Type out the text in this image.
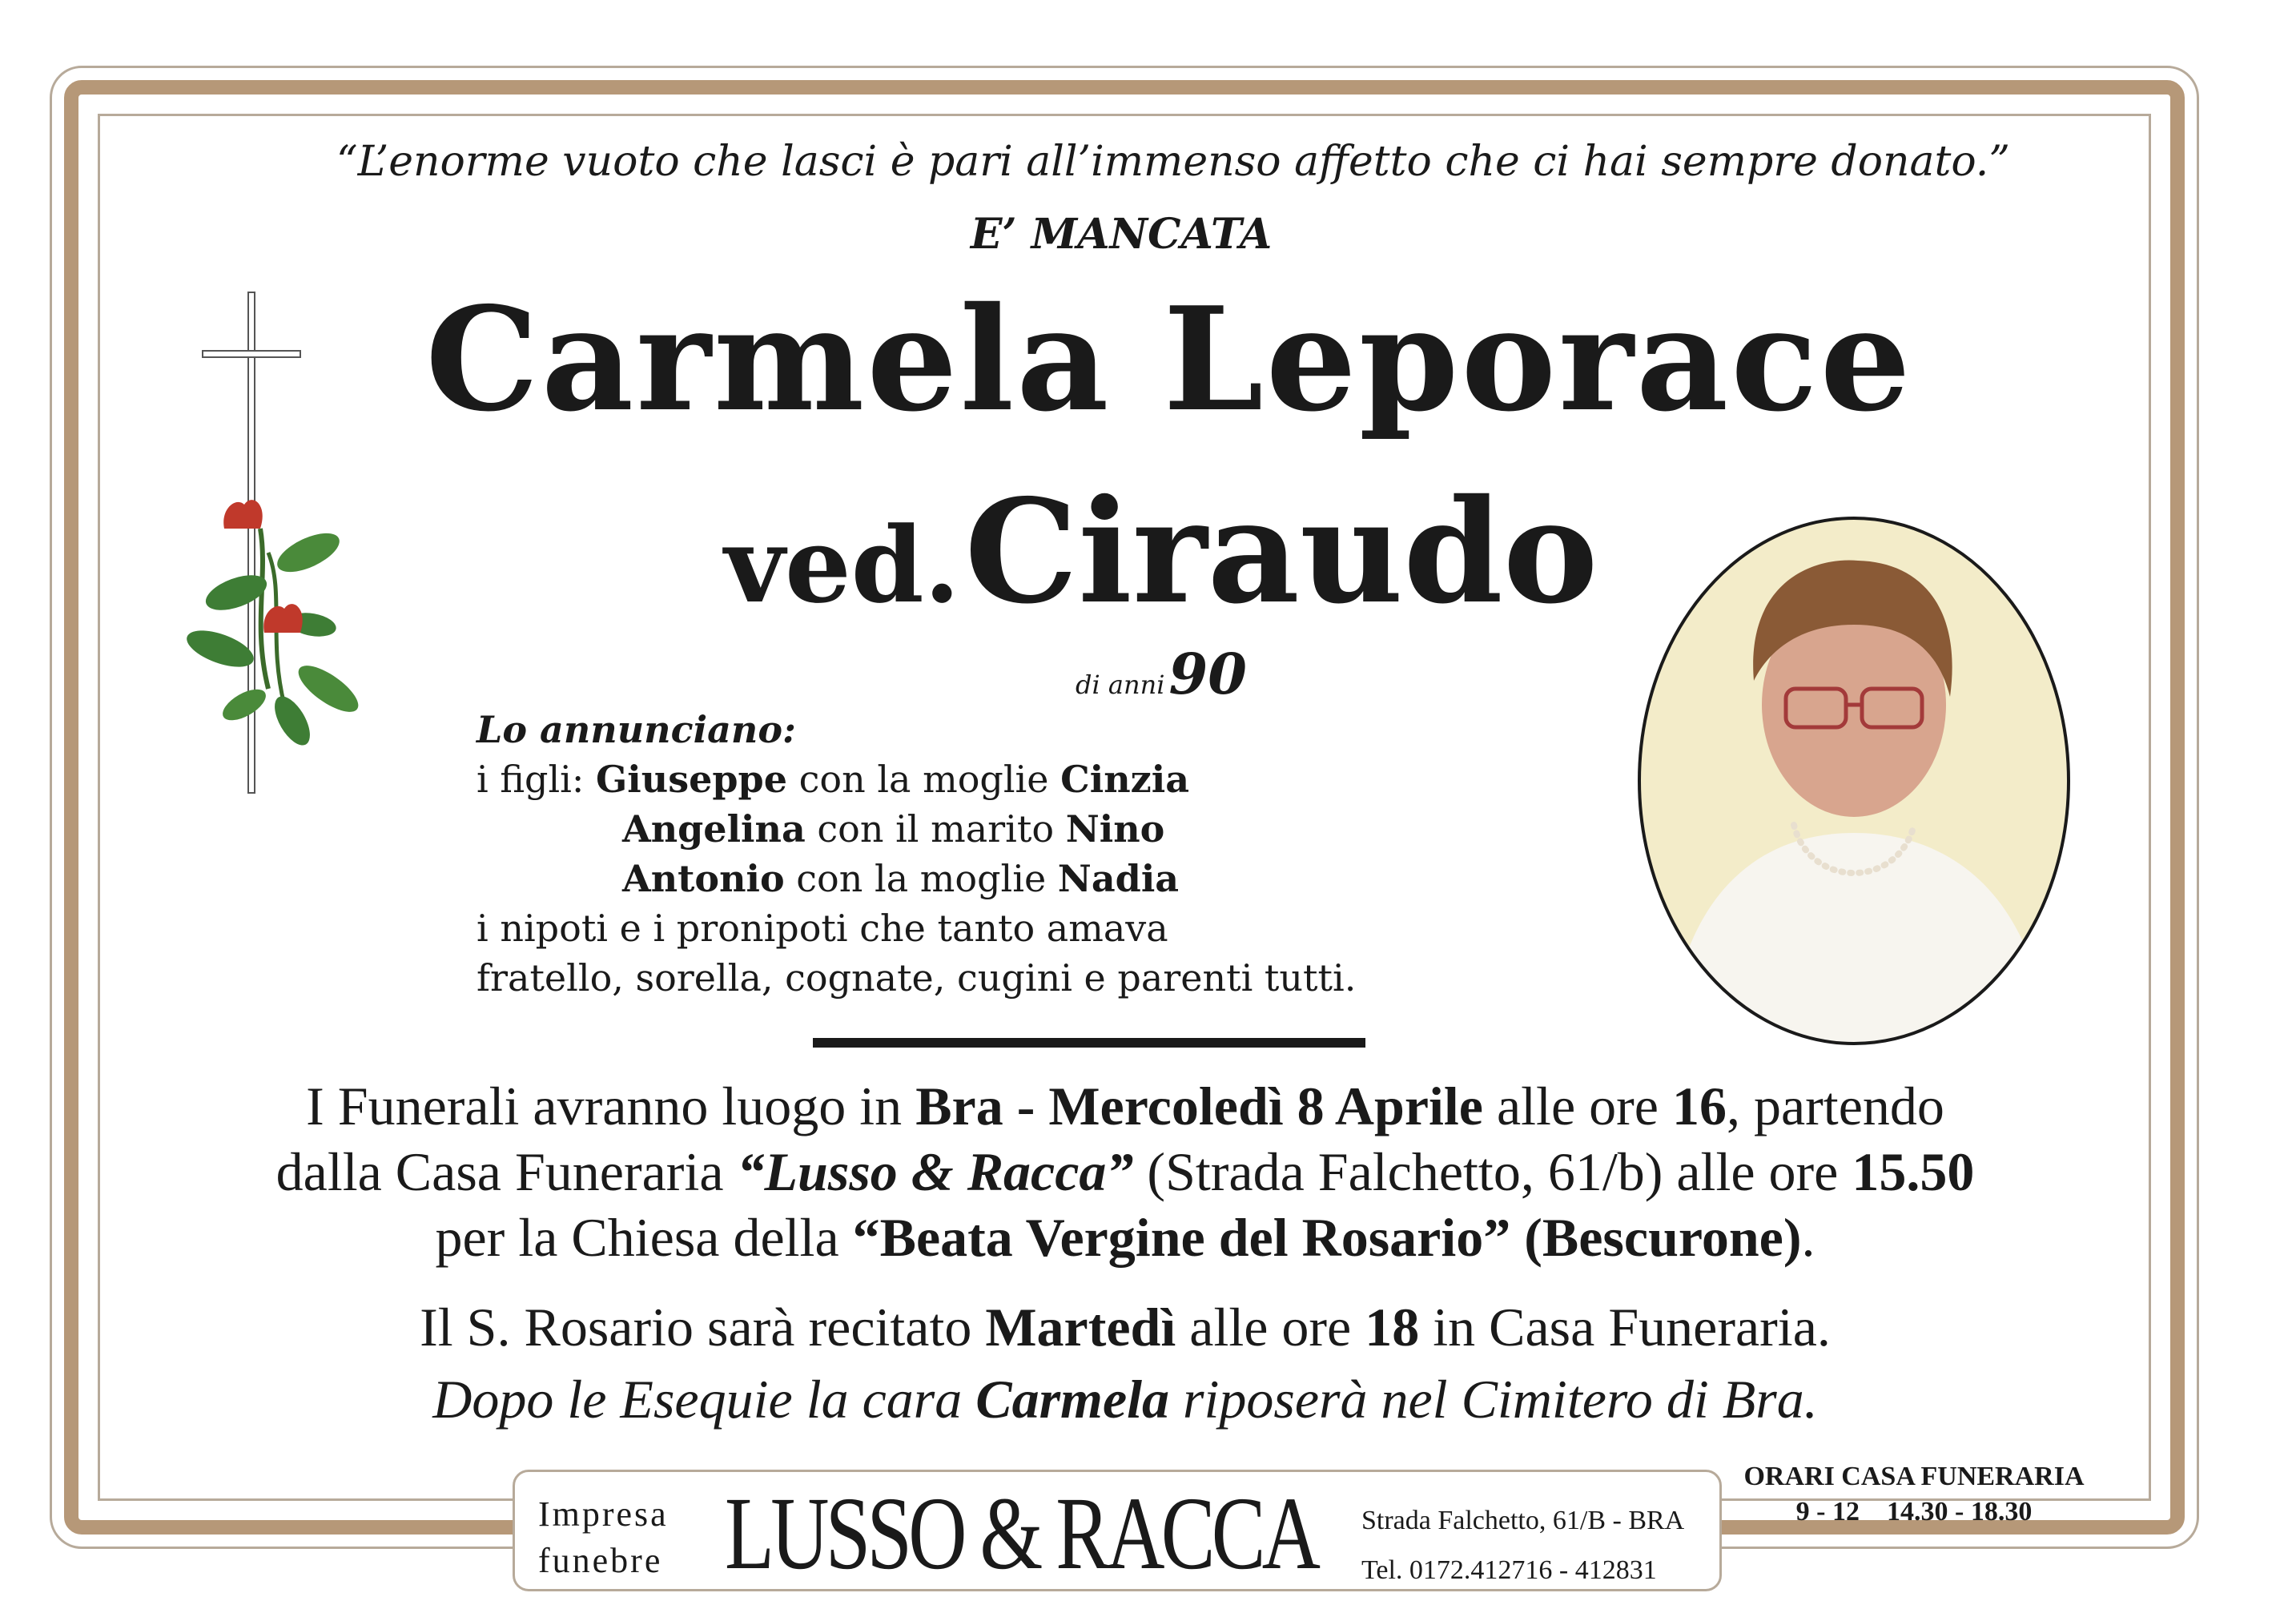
“L’enorme vuoto che lasci è pari all’immenso affetto che ci hai sempre donato.”
E’ MANCATA
Carmela Leporace
ved. Ciraudo
di anni 90
Lo annunciano:
i figli: Giuseppe con la moglie Cinzia
Angelina con il marito Nino
Antonio con la moglie Nadia
i nipoti e i pronipoti che tanto amava
fratello, sorella, cognate, cugini e parenti tutti.

I Funerali avranno luogo in Bra - Mercoledì 8 Aprile alle ore 16, partendo

dalla Casa Funeraria “Lusso & Racca” (Strada Falchetto, 61/b) alle ore 15.50

per la Chiesa della “Beata Vergine del Rosario” (Bescurone).

Il S. Rosario sarà recitato Martedì alle ore 18 in Casa Funeraria.

Dopo le Esequie la cara Carmela riposerà nel Cimitero di Bra.

Impresa
funebre LUSSO & RACCA Strada Falchetto, 61/B - BRA
Tel. 0172.412716 - 412831
ORARI CASA FUNERARIA
9 - 12    14.30 - 18.30
